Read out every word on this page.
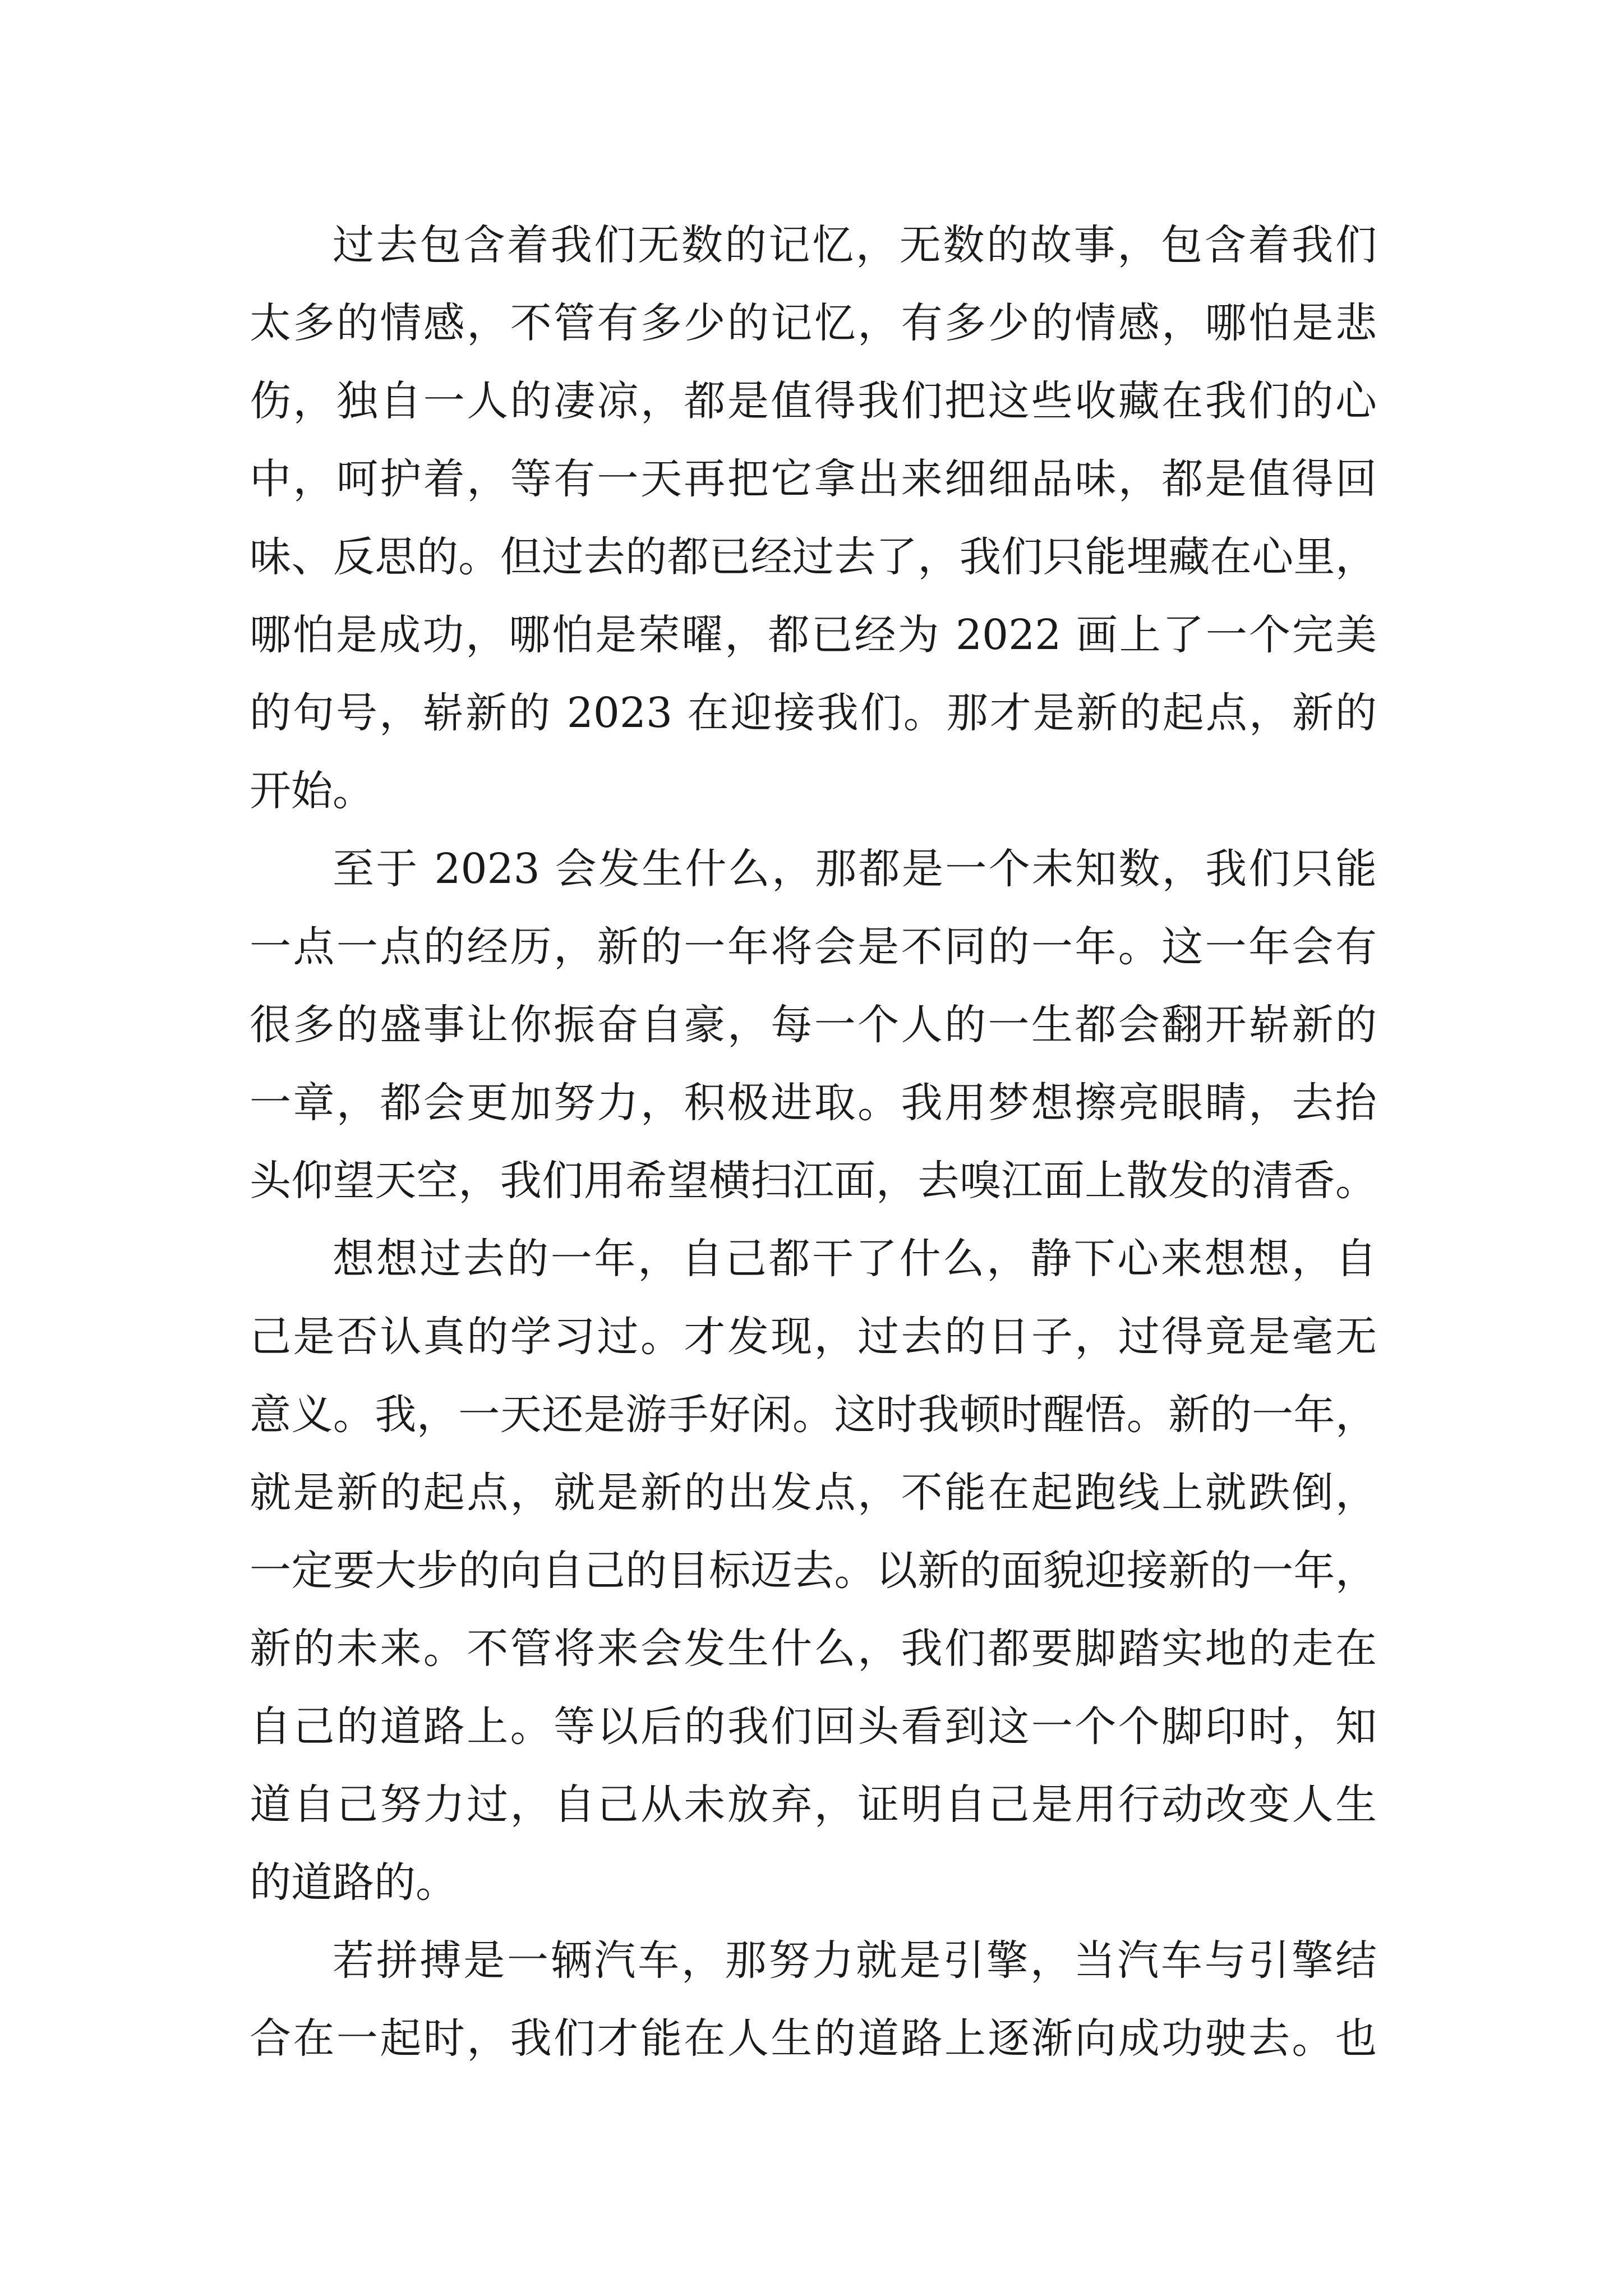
过去包含着我们无数的记忆，无数的故事，包含着我们
太多的情感，不管有多少的记忆，有多少的情感，哪怕是悲
伤，独自一人的凄凉，都是值得我们把这些收藏在我们的心
中，呵护着，等有一天再把它拿出来细细品味，都是值得回
味、反思的。但过去的都已经过去了，我们只能埋藏在心里，
哪怕是成功，哪怕是荣曜，都已经为 2022 画上了一个完美
的句号，崭新的 2023 在迎接我们。那才是新的起点，新的
开始。
至于 2023 会发生什么，那都是一个未知数，我们只能
一点一点的经历，新的一年将会是不同的一年。这一年会有
很多的盛事让你振奋自豪，每一个人的一生都会翻开崭新的
一章，都会更加努力，积极进取。我用梦想擦亮眼睛，去抬
头仰望天空，我们用希望横扫江面，去嗅江面上散发的清香。
想想过去的一年，自己都干了什么，静下心来想想，自
己是否认真的学习过。才发现，过去的日子，过得竟是毫无
意义。我，一天还是游手好闲。这时我顿时醒悟。新的一年，
就是新的起点，就是新的出发点，不能在起跑线上就跌倒，
一定要大步的向自己的目标迈去。以新的面貌迎接新的一年，
新的未来。不管将来会发生什么，我们都要脚踏实地的走在
自己的道路上。等以后的我们回头看到这一个个脚印时，知
道自己努力过，自己从未放弃，证明自己是用行动改变人生
的道路的。
若拼搏是一辆汽车，那努力就是引擎，当汽车与引擎结
合在一起时，我们才能在人生的道路上逐渐向成功驶去。也
